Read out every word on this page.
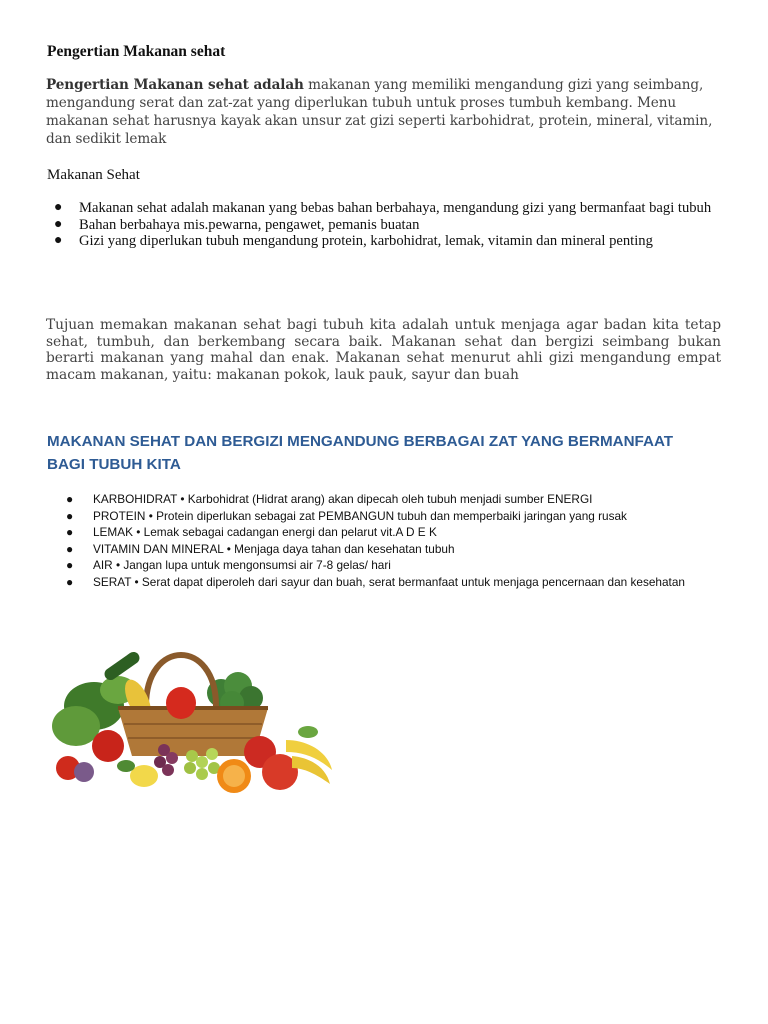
Pengertian Makanan sehat
Pengertian Makanan sehat adalah makanan yang memiliki mengandung gizi yang seimbang, mengandung serat dan zat-zat yang diperlukan tubuh untuk proses tumbuh kembang. Menu makanan sehat harusnya kayak akan unsur zat gizi seperti karbohidrat, protein, mineral, vitamin, dan sedikit lemak
Makanan Sehat
● Makanan sehat adalah makanan yang bebas bahan berbahaya, mengandung gizi yang bermanfaat bagi tubuh
● Bahan berbahaya mis.pewarna, pengawet, pemanis buatan
● Gizi yang diperlukan tubuh mengandung protein, karbohidrat, lemak, vitamin dan mineral penting
Tujuan memakan makanan sehat bagi tubuh kita adalah untuk menjaga agar badan kita tetap sehat, tumbuh, dan berkembang secara baik. Makanan sehat dan bergizi seimbang bukan berarti makanan yang mahal dan enak. Makanan sehat menurut ahli gizi mengandung empat macam makanan, yaitu: makanan pokok, lauk pauk, sayur dan buah
MAKANAN SEHAT DAN BERGIZI MENGANDUNG BERBAGAI ZAT YANG BERMANFAAT BAGI TUBUH KITA
● KARBOHIDRAT • Karbohidrat (Hidrat arang) akan dipecah oleh tubuh menjadi sumber ENERGI
● PROTEIN • Protein diperlukan sebagai zat PEMBANGUN tubuh dan memperbaiki jaringan yang rusak
● LEMAK • Lemak sebagai cadangan energi dan pelarut vit.A D E K
● VITAMIN DAN MINERAL • Menjaga daya tahan dan kesehatan tubuh
● AIR • Jangan lupa untuk mengonsumsi air 7-8 gelas/ hari
● SERAT • Serat dapat diperoleh dari sayur dan buah, serat bermanfaat untuk menjaga pencernaan dan kesehatan
